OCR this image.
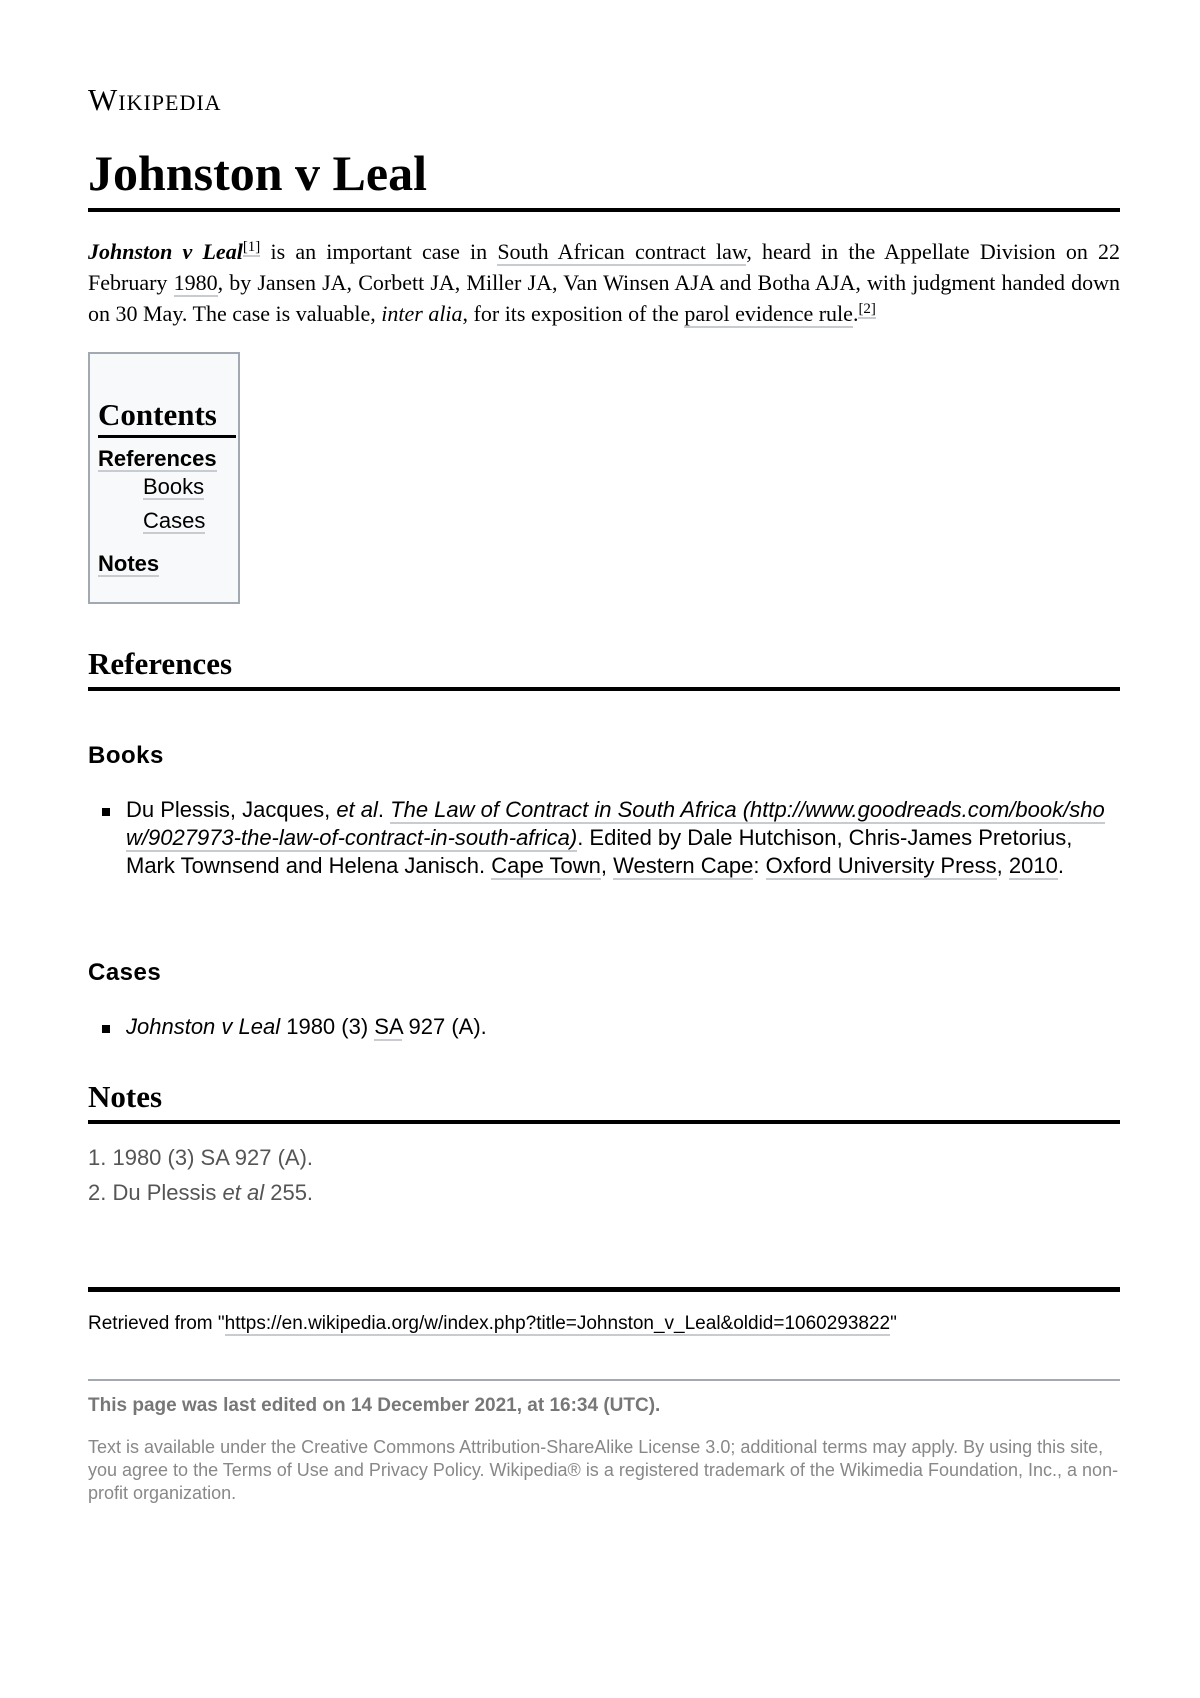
Wikipedia
Johnston v Leal

Johnston v Leal[1] is an important case in South African contract law, heard in the Appellate Division on 22 February 1980, by Jansen JA, Corbett JA, Miller JA, Van Winsen AJA and Botha AJA, with judgment handed down on 30 May. The case is valuable, inter alia, for its exposition of the parol evidence rule.[2]

Contents
References
Books
Cases
Notes
References
Books
Du Plessis, Jacques, et al. The Law of Contract in South Africa (http://www.goodreads.com/book/show/9027973-the-law-of-contract-in-south-africa). Edited by Dale Hutchison, Chris-James Pretorius, Mark Townsend and Helena Janisch. Cape Town, Western Cape: Oxford University Press, 2010.
Cases
Johnston v Leal 1980 (3) SA 927 (A).
Notes
1. 1980 (3) SA 927 (A).
2. Du Plessis et al 255.
Retrieved from "https://en.wikipedia.org/w/index.php?title=Johnston_v_Leal&oldid=1060293822"
This page was last edited on 14 December 2021, at 16:34 (UTC).
Text is available under the Creative Commons Attribution-ShareAlike License 3.0; additional terms may apply. By using this site, you agree to the Terms of Use and Privacy Policy. Wikipedia® is a registered trademark of the Wikimedia Foundation, Inc., a non-profit organization.
